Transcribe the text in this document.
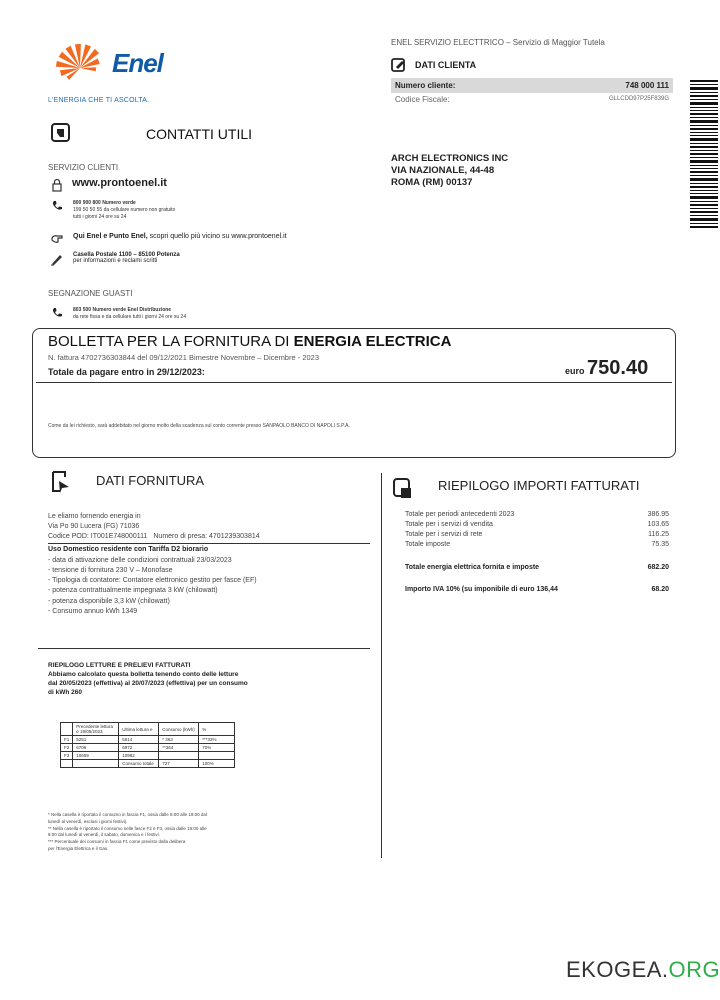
Enel
L'ENERGIA CHE TI ASCOLTA.
ENEL SERVIZIO ELECTTRICO – Servizio di Maggior Tutela
DATI CLIENTA
Numero cliente:	748 000 111
Codice Fiscale:	GLLCDD97P25F839G
CONTATTI UTILI
SERVIZIO CLIENTI
www.prontoenel.it
800 900 800 Numero verde
199 50 50 55 da cellulare numero non gratuito
tutti i giorni 24 ore su 24
Qui Enel e Punto Enel, scopri quello più vicino su www.prontoenel.it
Casella Postale 1100 – 85100 Potenza
per informazioni e reclami scritti
SEGNAZIONE GUASTI
803 500 Numero verde Enel Distribuzione
da rete fissa e da cellulare tutti i giorni 24 ore su 24
ARCH ELECTRONICS INC
VIA NAZIONALE, 44-48
ROMA (RM) 00137
BOLLETTA PER LA FORNITURA DI ENERGIA ELECTRICA
N. fattura 4702736303844 del 09/12/2021 Bimestre Novembre – Dicembre - 2023
Totale da pagare entro in 29/12/2023:	euro 750.40
Come da lei richiesto, sarà addebitato nel giorno molto della scadenza sul conto corrente presso SANPAOLO BANCO DI NAPOLI S.P.A.
DATI FORNITURA	RIEPILOGO IMPORTI FATTURATI
Le eliamo fornendo energia in
Via Po 90 Lucera (FG) 71036
Codice POD: IT001E748000111 Numero di presa: 4701239303814
Uso Domestico residente con Tariffa D2 biorario
- data di attivazione delle condizioni contrattuali 23/03/2023
- tensione di fornitura 230 V – Monofase
- Tipologia di contatore: Contatore elettronico gestito per fasce (EF)
- potenza contrattualmente impegnata 3 kW (chilowatt)
- potenza disponibile 3,3 kW (chilowatt)
- Consumo annuo kWh 1349
RIEPILOGO LETTURE E PRELIEVI FATTURATI
Abbiamo calcolato questa bolletta tenendo conto delle letture
dal 20/05/2023 (effettiva) al 20/07/2023 (effettiva) per un consumo
di kWh 260
	Precedente lettura e 19/05/2023	Ultima lettura e	Consumo (kWh)	%
F1	5251	5614	* 363	***33%
F2	6706	6972	**364	70%
F3	10609	10982		
		Consumo totale	727	100%
* Nella casella è riportato il consumo in fascia F1, ossia dalle 8:00 alle 19:00 dal
lunedì al venerdì, esclusi i giorni festivi).
** Nella casella è riportato il consumo nelle fasce F2 e F3, ossia dalle 19:00 alle
8:00 dal lunedì al venerdì, il sabato, domenica e i festivi.
*** Percentuale dei consumi in fascia F1 come previsto dalla delibera
per l'Energia Elettrica e il Gas.
Totale per periodi antecedenti 2023	386.95
Totale per i servizi di vendita	103.65
Totale per i servizi di rete	116.25
Totale imposte	75.35
Totale energia elettrica fornita e imposte	682.20
Importo IVA 10% (su imponibile di euro 136,44	68.20
EKOGEA.ORG
